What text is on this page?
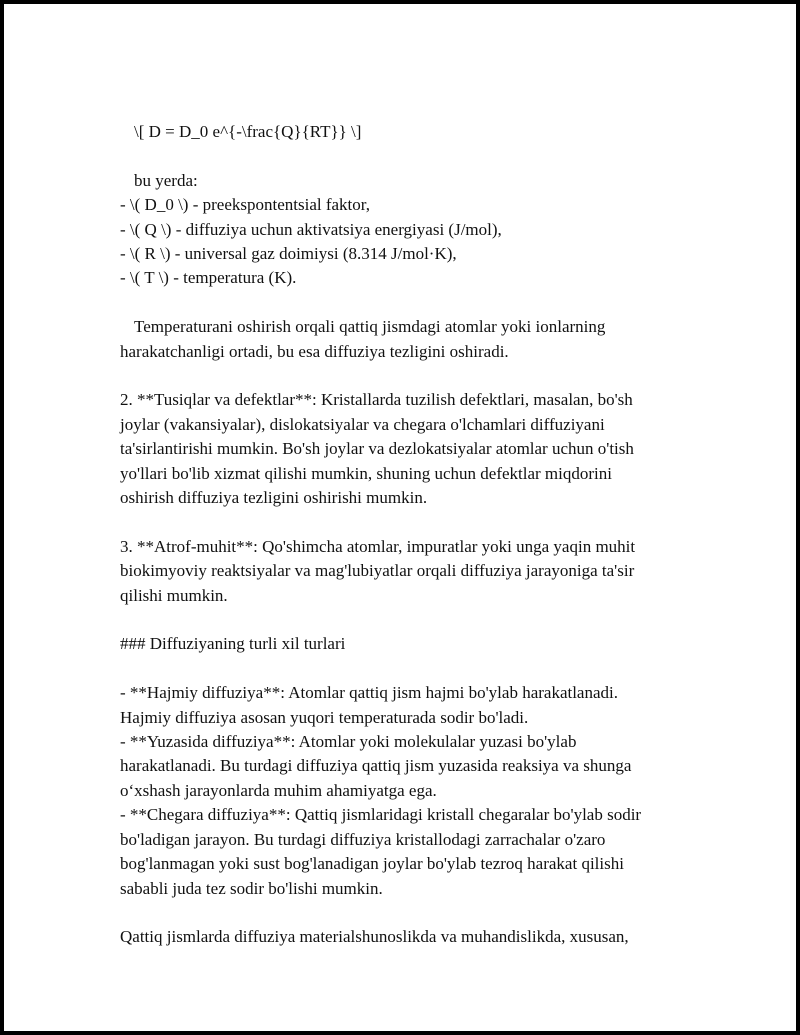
\[ D = D_0 e^{-\frac{Q}{RT}} \]

bu yerda:

- \( D_0 \) - preekspontentsial faktor,

- \( Q \) - diffuziya uchun aktivatsiya energiyasi (J/mol),

- \( R \) - universal gaz doimiysi (8.314 J/mol·K),

- \( T \) - temperatura (K).

Temperaturani oshirish orqali qattiq jismdagi atomlar yoki ionlarning

harakatchanligi ortadi, bu esa diffuziya tezligini oshiradi.

2. **Tusiqlar va defektlar**: Kristallarda tuzilish defektlari, masalan, bo'sh

joylar (vakansiyalar), dislokatsiyalar va chegara o'lchamlari diffuziyani

ta'sirlantirishi mumkin. Bo'sh joylar va dezlokatsiyalar atomlar uchun o'tish

yo'llari bo'lib xizmat qilishi mumkin, shuning uchun defektlar miqdorini

oshirish diffuziya tezligini oshirishi mumkin.

3. **Atrof-muhit**: Qo'shimcha atomlar, impuratlar yoki unga yaqin muhit

biokimyoviy reaktsiyalar va mag'lubiyatlar orqali diffuziya jarayoniga ta'sir

qilishi mumkin.

### Diffuziyaning turli xil turlari

- **Hajmiy diffuziya**: Atomlar qattiq jism hajmi bo'ylab harakatlanadi.

Hajmiy diffuziya asosan yuqori temperaturada sodir bo'ladi.

- **Yuzasida diffuziya**: Atomlar yoki molekulalar yuzasi bo'ylab

harakatlanadi. Bu turdagi diffuziya qattiq jism yuzasida reaksiya va shunga

o‘xshash jarayonlarda muhim ahamiyatga ega.

- **Chegara diffuziya**: Qattiq jismlaridagi kristall chegaralar bo'ylab sodir

bo'ladigan jarayon. Bu turdagi diffuziya kristallodagi zarrachalar o'zaro

bog'lanmagan yoki sust bog'lanadigan joylar bo'ylab tezroq harakat qilishi

sababli juda tez sodir bo'lishi mumkin.

Qattiq jismlarda diffuziya materialshunoslikda va muhandislikda, xususan,
